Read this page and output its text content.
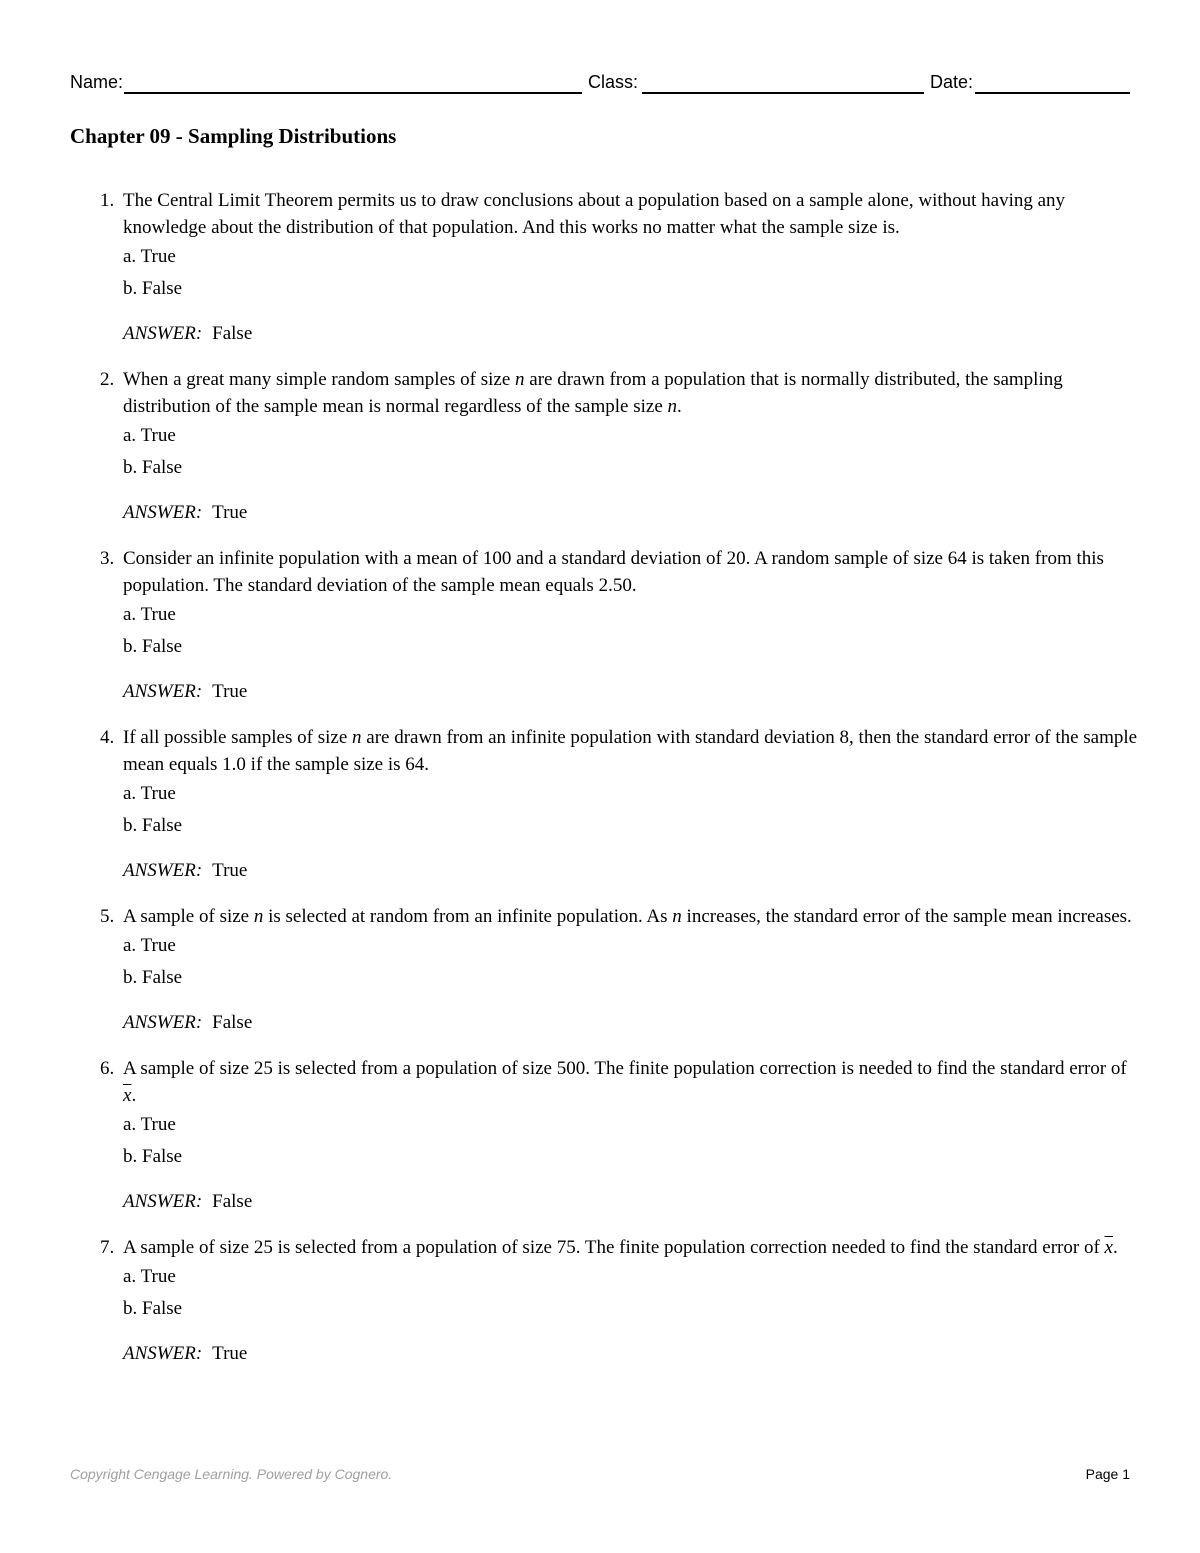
Name:	Class:	Date:
Chapter 09 - Sampling Distributions
1. The Central Limit Theorem permits us to draw conclusions about a population based on a sample alone, without having any knowledge about the distribution of that population. And this works no matter what the sample size is.

a. True

b. False

ANSWER: False

2. When a great many simple random samples of size n are drawn from a population that is normally distributed, the sampling distribution of the sample mean is normal regardless of the sample size n.

a. True

b. False

ANSWER: True

3. Consider an infinite population with a mean of 100 and a standard deviation of 20. A random sample of size 64 is taken from this population. The standard deviation of the sample mean equals 2.50.

a. True

b. False

ANSWER: True

4. If all possible samples of size n are drawn from an infinite population with standard deviation 8, then the standard error of the sample mean equals 1.0 if the sample size is 64.

a. True

b. False

ANSWER: True

5. A sample of size n is selected at random from an infinite population. As n increases, the standard error of the sample mean increases.

a. True

b. False

ANSWER: False

6. A sample of size 25 is selected from a population of size 500. The finite population correction is needed to find the standard error of $\overline{x}$.

a. True

b. False

ANSWER: False

7. A sample of size 25 is selected from a population of size 75. The finite population correction needed to find the standard error of $\overline{x}$.

a. True

b. False

ANSWER: True

Copyright Cengage Learning. Powered by Cognero.	Page 1
